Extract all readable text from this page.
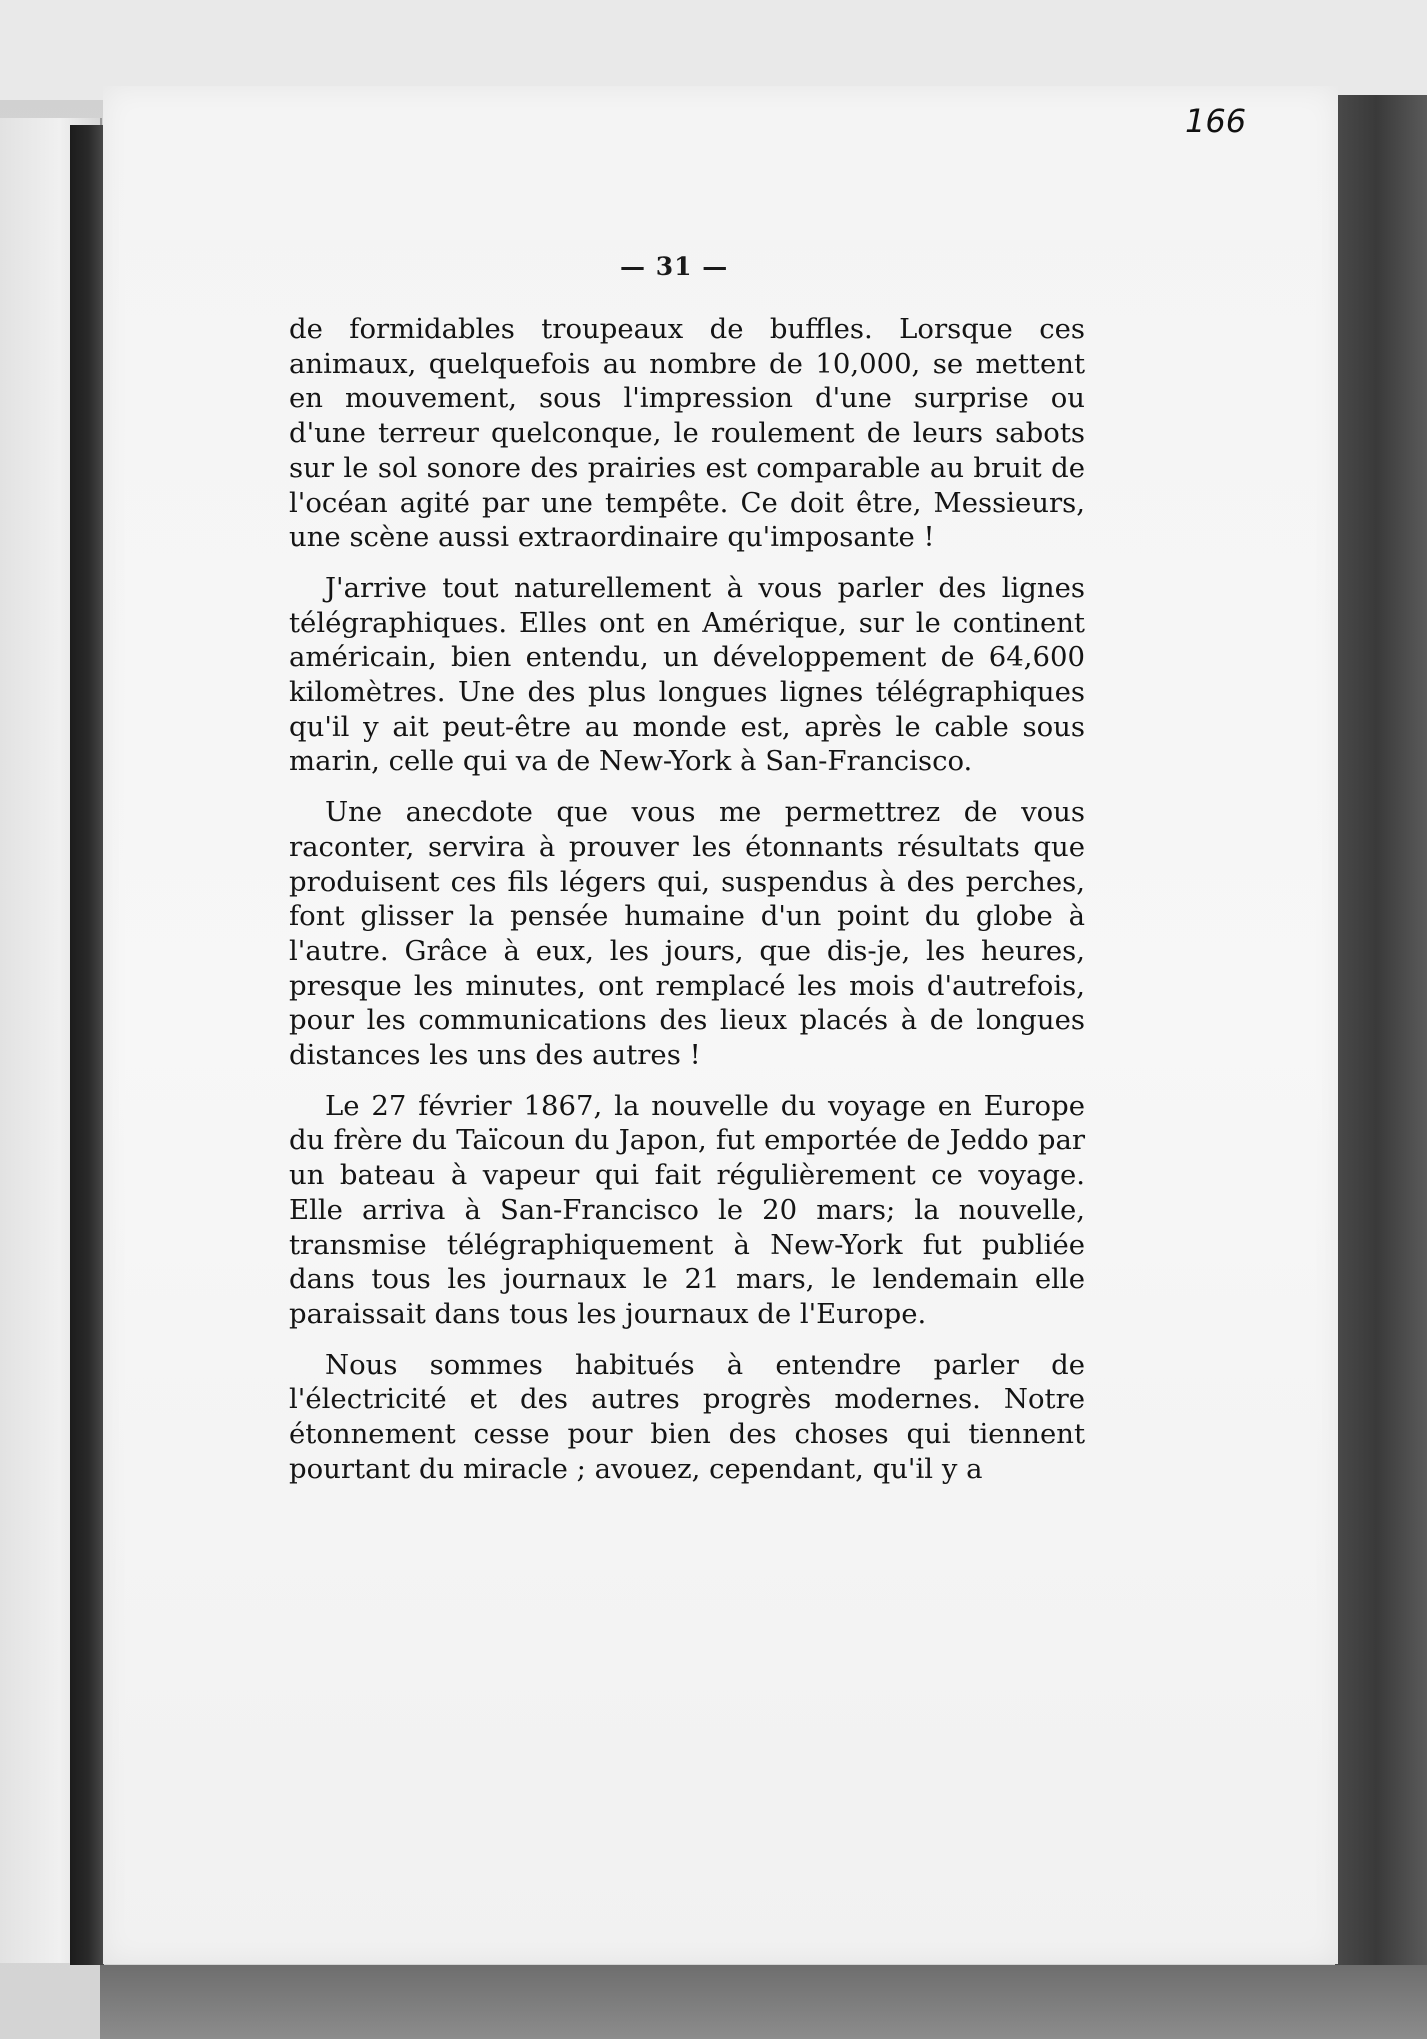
166
— 31 —

de formidables troupeaux de buffles. Lorsque ces animaux, quelquefois au nombre de 10,000, se mettent en mouvement, sous l'impression d'une surprise ou d'une terreur quelconque, le roulement de leurs sabots sur le sol sonore des prairies est comparable au bruit de l'océan agité par une tempête. Ce doit être, Messieurs, une scène aussi extraordinaire qu'imposante !

J'arrive tout naturellement à vous parler des lignes télégraphiques. Elles ont en Amérique, sur le continent américain, bien entendu, un développement de 64,600 kilomètres. Une des plus longues lignes télégraphiques qu'il y ait peut-être au monde est, après le cable sous marin, celle qui va de New-York à San-Francisco.

Une anecdote que vous me permettrez de vous raconter, servira à prouver les étonnants résultats que produisent ces fils légers qui, suspendus à des perches, font glisser la pensée humaine d'un point du globe à l'autre. Grâce à eux, les jours, que dis-je, les heures, presque les minutes, ont remplacé les mois d'autrefois, pour les communications des lieux placés à de longues distances les uns des autres !

Le 27 février 1867, la nouvelle du voyage en Europe du frère du Taïcoun du Japon, fut emportée de Jeddo par un bateau à vapeur qui fait régulièrement ce voyage. Elle arriva à San-Francisco le 20 mars; la nouvelle, transmise télégraphiquement à New-York fut publiée dans tous les journaux le 21 mars, le lendemain elle paraissait dans tous les journaux de l'Europe.

Nous sommes habitués à entendre parler de l'électricité et des autres progrès modernes. Notre étonnement cesse pour bien des choses qui tiennent pourtant du miracle ; avouez, cependant, qu'il y a
